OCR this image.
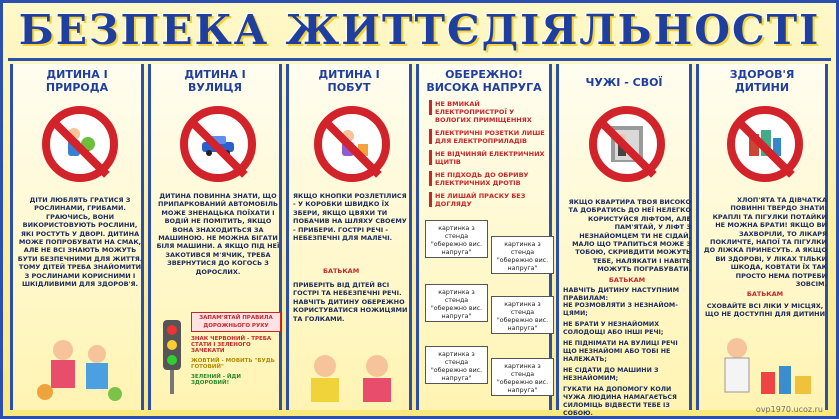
БЕЗПЕКА ЖИТТЄДІЯЛЬНОСТІ
ДИТИНА І
ПРИРОДА
ДІТИ ЛЮБЛЯТЬ ГРАТИСЯ З РОСЛИНАМИ, ГРИБАМИ. ГРАЮЧИСЬ, ВОНИ ВИКОРИСТОВУЮТЬ РОСЛИНИ, ЯКІ РОСТУТЬ У ДВОРІ. ДИТИНА МОЖЕ ПОПРОБУВАТИ НА СМАК, АЛЕ НЕ ВСІ ЗНАЮТЬ МОЖУТЬ БУТИ БЕЗПЕЧНИМИ ДЛЯ ЖИТТЯ. ТОМУ ДІТЕЙ ТРЕБА ЗНАЙОМИТИ З РОСЛИНАМИ КОРИСНИМИ І ШКІДЛИВИМИ ДЛЯ ЗДОРОВ'Я.
ДИТИНА І
ВУЛИЦЯ
ДИТИНА ПОВИННА ЗНАТИ, ЩО ПРИПАРКОВАНИЙ АВТОМОБІЛЬ МОЖЕ ЗНЕНАЦЬКА ПОЇХАТИ І ВОДІЙ НЕ ПОМІТИТЬ, ЯКЩО ВОНА ЗНАХОДИТЬСЯ ЗА МАШИНОЮ. НЕ МОЖНА БІГАТИ БІЛЯ МАШИНИ. А ЯКЩО ПІД НЕЇ ЗАКОТИВСЯ М'ЯЧИК, ТРЕБА ЗВЕРНУТИСЯ ДО КОГОСЬ З ДОРОСЛИХ.
ЗАПАМ'ЯТАЙ ПРАВИЛА ДОРОЖНЬОГО РУХУ
ЗНАК ЧЕРВОНИЙ - ТРЕБА СТАТИ І ЗЕЛЕНОГО ЗАЧЕКАТИ
ЖОВТИЙ - МОВИТЬ "БУДЬ ГОТОВИЙ"
ЗЕЛЕНИЙ - ЙДИ ЗДОРОВИЙ!
ДИТИНА І
ПОБУТ
ЯКЩО КНОПКИ РОЗЛЕТІЛИСЯ - У КОРОБКИ ШВИДКО ЇХ ЗБЕРИ, ЯКЩО ЦВЯХИ ТИ ПОБАЧИВ НА ШЛЯХУ СВОЄМУ - ПРИБЕРИ. ГОСТРІ РЕЧІ - НЕБЕЗПЕЧНІ ДЛЯ МАЛЕЧІ.
БАТЬКАМ
ПРИБЕРІТЬ ВІД ДІТЕЙ ВСІ ГОСТРІ ТА НЕБЕЗПЕЧНІ РЕЧІ. НАВЧІТЬ ДИТИНУ ОБЕРЕЖНО КОРИСТУВАТИСЯ НОЖИЦЯМИ ТА ГОЛКАМИ.
ОБЕРЕЖНО!
ВИСОКА НАПРУГА
НЕ ВМИКАЙ ЕЛЕКТРОПРИСТРОЇ У ВОЛОГИХ ПРИМІЩЕННЯХ
ЕЛЕКТРИЧНІ РОЗЕТКИ ЛИШЕ ДЛЯ ЕЛЕКТРОПРИЛАДІВ
НЕ ВІДЧИНЯЙ ЕЛЕКТРИЧНИХ ЩИТІВ
НЕ ПІДХОДЬ ДО ОБРИВУ ЕЛЕКТРИЧНИХ ДРОТІВ
НЕ ЛИШАЙ ПРАСКУ БЕЗ ДОГЛЯДУ
картинка з стенда "обережно вис. напруга"
картинка з стенда "обережно вис. напруга"
картинка з стенда "обережно вис. напруга"
картинка з стенда "обережно вис. напруга"
картинка з стенда "обережно вис. напруга"
картинка з стенда "обережно вис. напруга"
ЧУЖІ - СВОЇ
ЯКЩО КВАРТИРА ТВОЯ ВИСОКО ТА ДОБРАТИСЬ ДО НЕЇ НЕЛЕГКО КОРИСТУЙСЯ ЛІФТОМ, АЛЕ ПАМ'ЯТАЙ, У ЛІФТ З НЕЗНАЙОМЦЕМ ТИ НЕ СІДАЙ, МАЛО ЩО ТРАПИТЬСЯ МОЖЕ З ТОБОЮ, СКРИВДИТИ МОЖУТЬ ТЕБЕ, НАЛЯКАТИ І НАВІТЬ МОЖУТЬ ПОГРАБУВАТИ.
БАТЬКАМ
НАВЧІТЬ ДИТИНУ НАСТУПНИМ ПРАВИЛАМ:
НЕ РОЗМОВЛЯТИ З НЕЗНАЙОМ-ЦЯМИ;
НЕ БРАТИ У НЕЗНАЙОМИХ СОЛОДОЩІ АБО ІНШІ РЕЧІ;
НЕ ПІДНІМАТИ НА ВУЛИЦІ РЕЧІ ЩО НЕЗНАЙОМІ АБО ТОБІ НЕ НАЛЕЖАТЬ;
НЕ СІДАТИ ДО МАШИНИ З НЕЗНАЙОМИМ;
ГУКАТИ НА ДОПОМОГУ КОЛИ ЧУЖА ЛЮДИНА НАМАГАЄТЬСЯ СИЛОМІЦЬ ВІДВЕСТИ ТЕБЕ ІЗ СОБОЮ.
ЗДОРОВ'Я
ДИТИНИ
ХЛОП'ЯТА ТА ДІВЧАТКА ПОВИННІ ТВЕРДО ЗНАТИ: КРАПЛІ ТА ПІГУЛКИ ПОТАЙКИ НЕ МОЖНА БРАТИ! ЯКЩО ВИ ЗАХВОРІЛИ, ТО ЛІКАРЯ ПОКЛИЧТЕ, НАПОЇ ТА ПІГУЛКИ ДО ЛІЖКА ПРИНЕСУТЬ. А ЯКЩО ВИ ЗДОРОВІ, У ЛІКАХ ТІЛЬКИ ШКОДА, КОВТАТИ ЇХ ТАК ПРОСТО НЕМА ПОТРЕБИ ЗОВСІМ.
БАТЬКАМ
СХОВАЙТЕ ВСІ ЛІКИ У МІСЦЯХ, ЩО НЕ ДОСТУПНІ ДЛЯ ДИТИНИ
ovp1970.ucoz.ru
